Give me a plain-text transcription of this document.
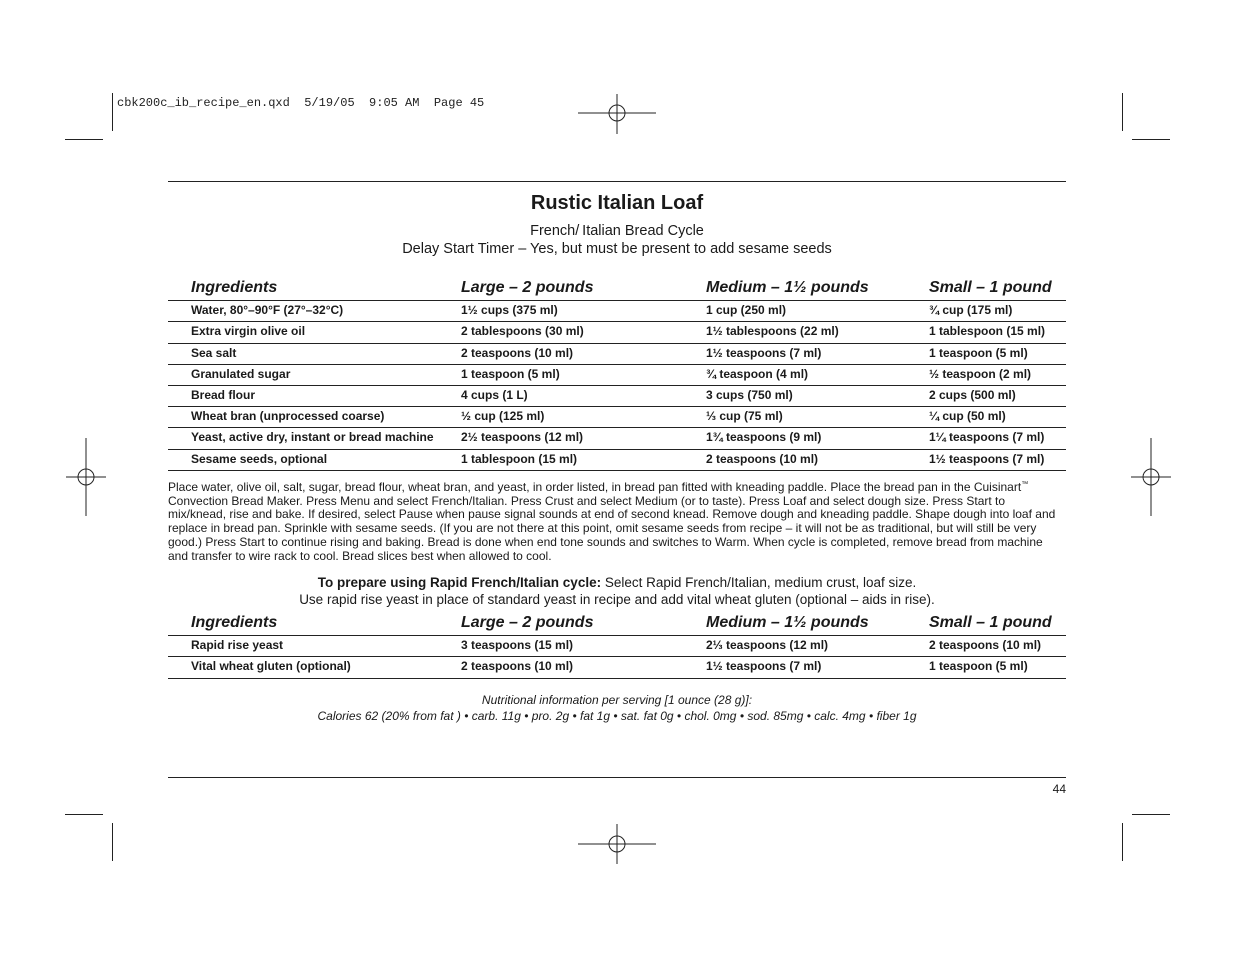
cbk200c_ib_recipe_en.qxd  5/19/05  9:05 AM  Page 45
Rustic Italian Loaf
French/ Italian Bread Cycle
Delay Start Timer – Yes, but must be present to add sesame seeds
Ingredients	Large – 2 pounds	Medium – 1½ pounds	Small – 1 pound
Water, 80°–90°F (27°–32°C)	1½ cups (375 ml)	1 cup (250 ml)	¾ cup (175 ml)
Extra virgin olive oil	2 tablespoons (30 ml)	1½ tablespoons (22 ml)	1 tablespoon (15 ml)
Sea salt	2 teaspoons (10 ml)	1½ teaspoons (7 ml)	1 teaspoon (5 ml)
Granulated sugar	1 teaspoon (5 ml)	¾ teaspoon (4 ml)	½ teaspoon (2 ml)
Bread flour	4 cups (1 L)	3 cups (750 ml)	2 cups (500 ml)
Wheat bran (unprocessed coarse)	½ cup (125 ml)	⅓ cup (75 ml)	¼ cup (50 ml)
Yeast, active dry, instant or bread machine 2½ teaspoons (12 ml)	1¾ teaspoons (9 ml)	1¼ teaspoons (7 ml)
Sesame seeds, optional	1 tablespoon (15 ml)	2 teaspoons (10 ml)	1½ teaspoons (7 ml)
Place water, olive oil, salt, sugar, bread flour, wheat bran, and yeast, in order listed, in bread pan fitted with kneading paddle. Place the bread pan in the Cuisinart™ Convection Bread Maker. Press Menu and select French/Italian. Press Crust and select Medium (or to taste). Press Loaf and select dough size. Press Start to mix/knead, rise and bake. If desired, select Pause when pause signal sounds at end of second knead. Remove dough and kneading paddle. Shape dough into loaf and replace in bread pan. Sprinkle with sesame seeds. (If you are not there at this point, omit sesame seeds from recipe – it will not be as traditional, but will still be very good.) Press Start to continue rising and baking. Bread is done when end tone sounds and switches to Warm. When cycle is completed, remove bread from machine and transfer to wire rack to cool. Bread slices best when allowed to cool.
To prepare using Rapid French/Italian cycle: Select Rapid French/Italian, medium crust, loaf size.
Use rapid rise yeast in place of standard yeast in recipe and add vital wheat gluten (optional – aids in rise).
Ingredients	Large – 2 pounds	Medium – 1½ pounds	Small – 1 pound
Rapid rise yeast	3 teaspoons (15 ml)	2⅓ teaspoons (12 ml)	2 teaspoons (10 ml)
Vital wheat gluten (optional)	2 teaspoons (10 ml)	1½ teaspoons (7 ml)	1 teaspoon (5 ml)
Nutritional information per serving [1 ounce (28 g)]:
Calories 62 (20% from fat ) • carb. 11g • pro. 2g • fat 1g • sat. fat 0g • chol. 0mg • sod. 85mg • calc. 4mg • fiber 1g
44
